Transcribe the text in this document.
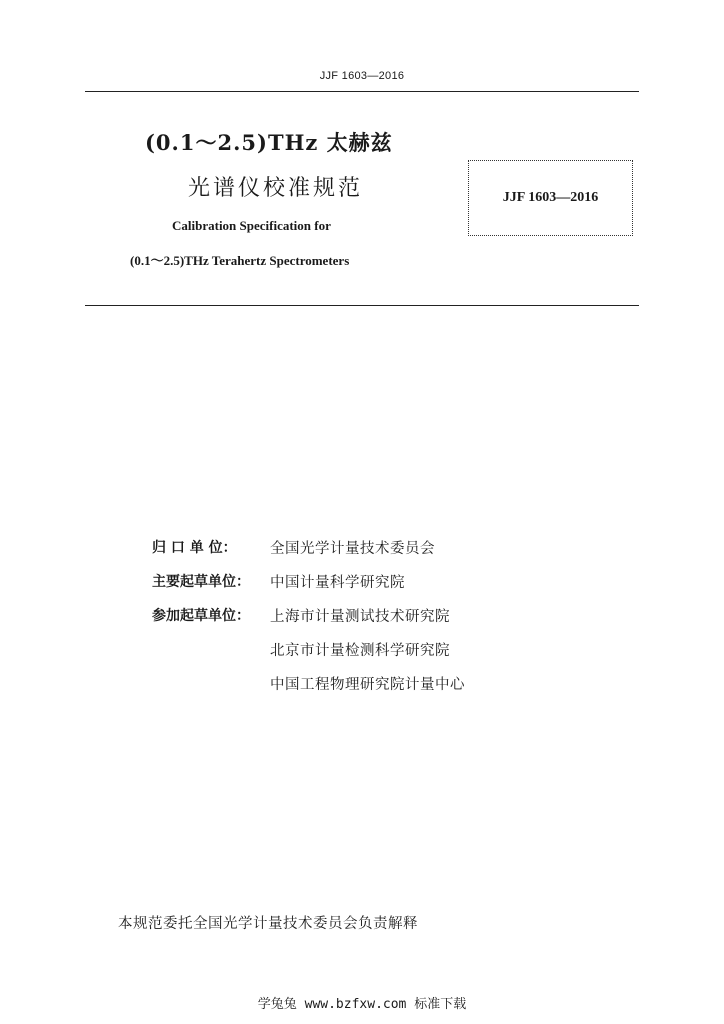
JJF 1603—2016
(0.1～2.5)THz 太赫兹
光谱仪校准规范
Calibration Specification for
(0.1～2.5)THz Terahertz Spectrometers
JJF 1603—2016
归 口 单 位：	全国光学计量技术委员会
主要起草单位：	中国计量科学研究院
参加起草单位：	上海市计量测试技术研究院
北京市计量检测科学研究院
中国工程物理研究院计量中心
本规范委托全国光学计量技术委员会负责解释
学兔兔 www.bzfxw.com 标准下载
